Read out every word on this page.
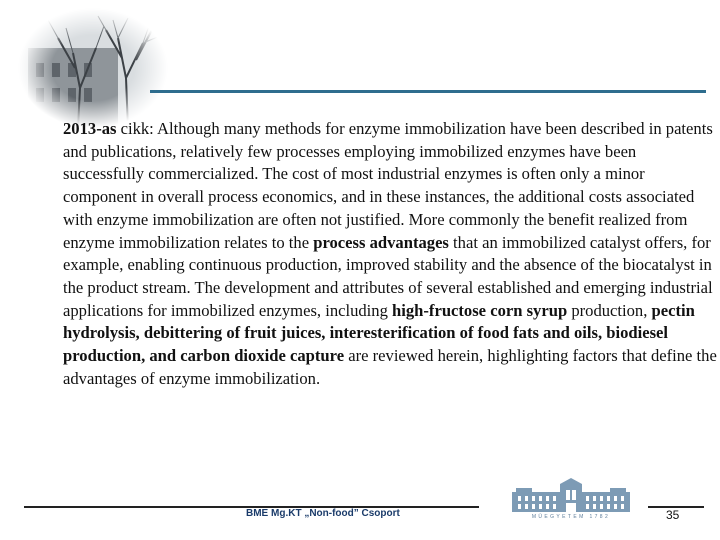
2013-as cikk: Although many methods for enzyme immobilization have been described in patents and publications, relatively few processes employing immobilized enzymes have been successfully commercialized. The cost of most industrial enzymes is often only a minor component in overall process economics, and in these instances, the additional costs associated with enzyme immobilization are often not justified. More commonly the benefit realized from enzyme immobilization relates to the process advantages that an immobilized catalyst offers, for example, enabling continuous production, improved stability and the absence of the biocatalyst in the product stream. The development and attributes of several established and emerging industrial applications for immobilized enzymes, including high-fructose corn syrup production, pectin hydrolysis, debittering of fruit juices, interesterification of food fats and oils, biodiesel production, and carbon dioxide capture are reviewed herein, highlighting factors that define the advantages of enzyme immobilization.

BME Mg.KT „Non-food” Csoport	MŰEGYETEM 1782	35
